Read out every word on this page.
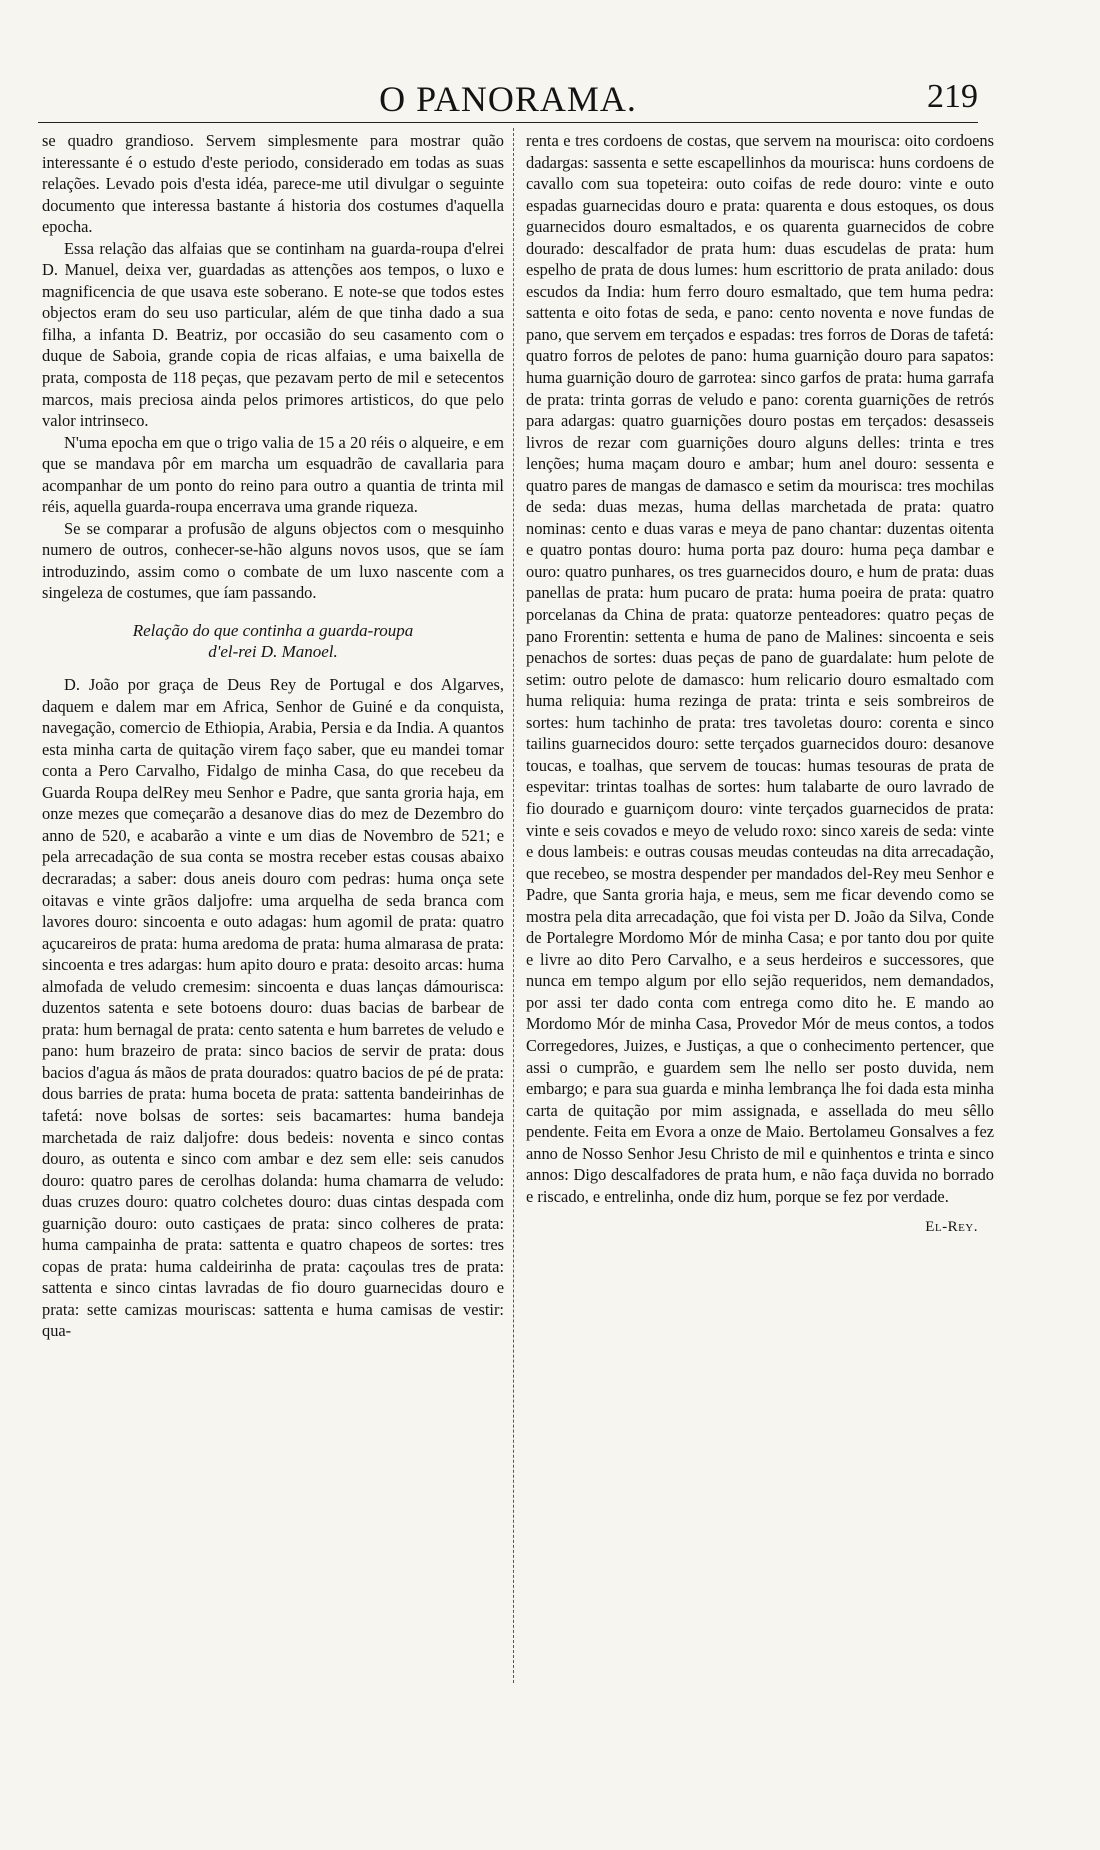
O PANORAMA.	219

se quadro grandioso. Servem simplesmente para mostrar quão interessante é o estudo d'este periodo, considerado em todas as suas relações. Levado pois d'esta idéa, parece-me util divulgar o seguinte documento que interessa bastante á historia dos costumes d'aquella epocha.

Essa relação das alfaias que se continham na guarda-roupa d'elrei D. Manuel, deixa ver, guardadas as attenções aos tempos, o luxo e magnificencia de que usava este soberano. E note-se que todos estes objectos eram do seu uso particular, além de que tinha dado a sua filha, a infanta D. Beatriz, por occasião do seu casamento com o duque de Saboia, grande copia de ricas alfaias, e uma baixella de prata, composta de 118 peças, que pezavam perto de mil e setecentos marcos, mais preciosa ainda pelos primores artisticos, do que pelo valor intrinseco.

N'uma epocha em que o trigo valia de 15 a 20 réis o alqueire, e em que se mandava pôr em marcha um esquadrão de cavallaria para acompanhar de um ponto do reino para outro a quantia de trinta mil réis, aquella guarda-roupa encerrava uma grande riqueza.

Se se comparar a profusão de alguns objectos com o mesquinho numero de outros, conhecer-se-hão alguns novos usos, que se íam introduzindo, assim como o combate de um luxo nascente com a singeleza de costumes, que íam passando.

Relação do que continha a guarda-roupa
d'el-rei D. Manoel.

D. João por graça de Deus Rey de Portugal e dos Algarves, daquem e dalem mar em Africa, Senhor de Guiné e da conquista, navegação, comercio de Ethiopia, Arabia, Persia e da India. A quantos esta minha carta de quitação virem faço saber, que eu mandei tomar conta a Pero Carvalho, Fidalgo de minha Casa, do que recebeu da Guarda Roupa delRey meu Senhor e Padre, que santa groria haja, em onze mezes que começarão a desanove dias do mez de Dezembro do anno de 520, e acabarão a vinte e um dias de Novembro de 521; e pela arrecadação de sua conta se mostra receber estas cousas abaixo decraradas; a saber: dous aneis douro com pedras: huma onça sete oitavas e vinte grãos daljofre: uma arquelha de seda branca com lavores douro: sincoenta e outo adagas: hum agomil de prata: quatro açucareiros de prata: huma aredoma de prata: huma almarasa de prata: sincoenta e tres adargas: hum apito douro e prata: desoito arcas: huma almofada de veludo cremesim: sincoenta e duas lanças dámourisca: duzentos satenta e sete botoens douro: duas bacias de barbear de prata: hum bernagal de prata: cento satenta e hum barretes de veludo e pano: hum brazeiro de prata: sinco bacios de servir de prata: dous bacios d'agua ás mãos de prata dourados: quatro bacios de pé de prata: dous barries de prata: huma boceta de prata: sattenta bandeirinhas de tafetá: nove bolsas de sortes: seis bacamartes: huma bandeja marchetada de raiz daljofre: dous bedeis: noventa e sinco contas douro, as outenta e sinco com ambar e dez sem elle: seis canudos douro: quatro pares de cerolhas dolanda: huma chamarra de veludo: duas cruzes douro: quatro colchetes douro: duas cintas despada com guarnição douro: outo castiçaes de prata: sinco colheres de prata: huma campainha de prata: sattenta e quatro chapeos de sortes: tres copas de prata: huma caldeirinha de prata: caçoulas tres de prata: sattenta e sinco cintas lavradas de fio douro guarnecidas douro e prata: sette camizas mouriscas: sattenta e huma camisas de vestir: qua-

renta e tres cordoens de costas, que servem na mourisca: oito cordoens dadargas: sassenta e sette escapellinhos da mourisca: huns cordoens de cavallo com sua topeteira: outo coifas de rede douro: vinte e outo espadas guarnecidas douro e prata: quarenta e dous estoques, os dous guarnecidos douro esmaltados, e os quarenta guarnecidos de cobre dourado: descalfador de prata hum: duas escudelas de prata: hum espelho de prata de dous lumes: hum escrittorio de prata anilado: dous escudos da India: hum ferro douro esmaltado, que tem huma pedra: sattenta e oito fotas de seda, e pano: cento noventa e nove fundas de pano, que servem em terçados e espadas: tres forros de Doras de tafetá: quatro forros de pelotes de pano: huma guarnição douro para sapatos: huma guarnição douro de garrotea: sinco garfos de prata: huma garrafa de prata: trinta gorras de veludo e pano: corenta guarnições de retrós para adargas: quatro guarnições douro postas em terçados: desasseis livros de rezar com guarnições douro alguns delles: trinta e tres lenções; huma maçam douro e ambar; hum anel douro: sessenta e quatro pares de mangas de damasco e setim da mourisca: tres mochilas de seda: duas mezas, huma dellas marchetada de prata: quatro nominas: cento e duas varas e meya de pano chantar: duzentas oitenta e quatro pontas douro: huma porta paz douro: huma peça dambar e ouro: quatro punhares, os tres guarnecidos douro, e hum de prata: duas panellas de prata: hum pucaro de prata: huma poeira de prata: quatro porcelanas da China de prata: quatorze penteadores: quatro peças de pano Frorentin: settenta e huma de pano de Malines: sincoenta e seis penachos de sortes: duas peças de pano de guardalate: hum pelote de setim: outro pelote de damasco: hum relicario douro esmaltado com huma reliquia: huma rezinga de prata: trinta e seis sombreiros de sortes: hum tachinho de prata: tres tavoletas douro: corenta e sinco tailins guarnecidos douro: sette terçados guarnecidos douro: desanove toucas, e toalhas, que servem de toucas: humas tesouras de prata de espevitar: trintas toalhas de sortes: hum talabarte de ouro lavrado de fio dourado e guarniçom douro: vinte terçados guarnecidos de prata: vinte e seis covados e meyo de veludo roxo: sinco xareis de seda: vinte e dous lambeis: e outras cousas meudas conteudas na dita arrecadação, que recebeo, se mostra despender per mandados del-Rey meu Senhor e Padre, que Santa groria haja, e meus, sem me ficar devendo como se mostra pela dita arrecadação, que foi vista per D. João da Silva, Conde de Portalegre Mordomo Mór de minha Casa; e por tanto dou por quite e livre ao dito Pero Carvalho, e a seus herdeiros e successores, que nunca em tempo algum por ello sejão requeridos, nem demandados, por assi ter dado conta com entrega como dito he. E mando ao Mordomo Mór de minha Casa, Provedor Mór de meus contos, a todos Corregedores, Juizes, e Justiças, a que o conhecimento pertencer, que assi o cumprão, e guardem sem lhe nello ser posto duvida, nem embargo; e para sua guarda e minha lembrança lhe foi dada esta minha carta de quitação por mim assignada, e assellada do meu sêllo pendente. Feita em Evora a onze de Maio. Bertolameu Gonsalves a fez anno de Nosso Senhor Jesu Christo de mil e quinhentos e trinta e sinco annos: Digo descalfadores de prata hum, e não faça duvida no borrado e riscado, e entrelinha, onde diz hum, porque se fez por verdade.

El-Rey.
